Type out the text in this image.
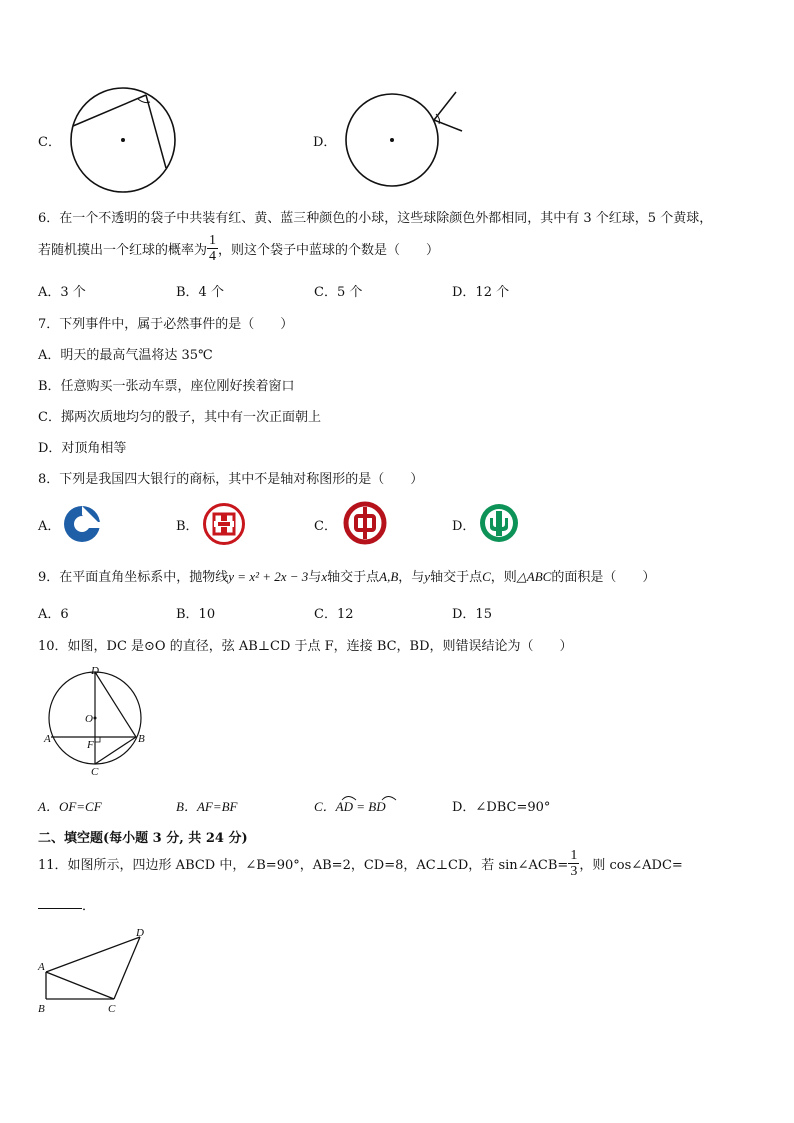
C．	D．
6．在一个不透明的袋子中共装有红、黄、蓝三种颜色的小球，这些球除颜色外都相同，其中有 3 个红球，5 个黄球，
若随机摸出一个红球的概率为 $\frac{1}{4}$ ，则这个袋子中蓝球的个数是（　　）
A．3 个	B．4 个	C．5 个	D．12 个
7．下列事件中，属于必然事件的是（　　）
A．明天的最高气温将达 35℃
B．任意购买一张动车票，座位刚好挨着窗口
C．掷两次质地均匀的骰子，其中有一次正面朝上
D．对顶角相等
8．下列是我国四大银行的商标，其中不是轴对称图形的是（　　）
A．	B．	C．	D．
9．在平面直角坐标系中，抛物线y = x² + 2x − 3与x轴交于点A,B，与y轴交于点C，则△ABC的面积是（　　）
A．6	B．10	C．12	D．15
10．如图，DC 是⊙O 的直径，弦 AB⊥CD 于点 F，连接 BC，BD，则错误结论为（　　）
D
O
A	F	B
C
A．OF=CF	B．AF=BF	C．AD = BD	D．∠DBC=90°
二、填空题(每小题 3 分, 共 24 分)
11．如图所示，四边形 ABCD 中，∠B=90°，AB=2，CD=8，AC⊥CD，若 sin∠ACB= $\frac{1}{3}$ ，则 cos∠ADC=
．
A
B	C
D
